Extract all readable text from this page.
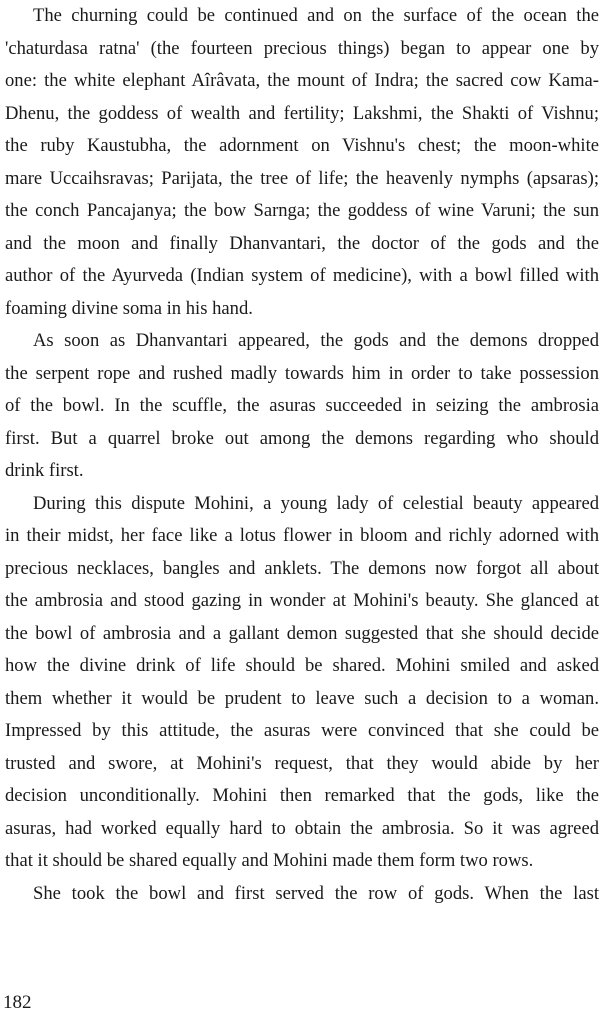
The churning could be continued and on the surface of the ocean the
'chaturdasa ratna' (the fourteen precious things) began to appear one by
one: the white elephant Aîrâvata, the mount of Indra; the sacred cow Kama-
Dhenu, the goddess of wealth and fertility; Lakshmi, the Shakti of Vishnu;
the ruby Kaustubha, the adornment on Vishnu's chest; the moon-white
mare Uccaihsravas; Parijata, the tree of life; the heavenly nymphs (apsaras);
the conch Pancajanya; the bow Sarnga; the goddess of wine Varuni; the sun
and the moon and finally Dhanvantari, the doctor of the gods and the
author of the Ayurveda (Indian system of medicine), with a bowl filled with
foaming divine soma in his hand.
As soon as Dhanvantari appeared, the gods and the demons dropped
the serpent rope and rushed madly towards him in order to take possession
of the bowl. In the scuffle, the asuras succeeded in seizing the ambrosia
first. But a quarrel broke out among the demons regarding who should
drink first.
During this dispute Mohini, a young lady of celestial beauty appeared
in their midst, her face like a lotus flower in bloom and richly adorned with
precious necklaces, bangles and anklets. The demons now forgot all about
the ambrosia and stood gazing in wonder at Mohini's beauty. She glanced at
the bowl of ambrosia and a gallant demon suggested that she should decide
how the divine drink of life should be shared. Mohini smiled and asked
them whether it would be prudent to leave such a decision to a woman.
Impressed by this attitude, the asuras were convinced that she could be
trusted and swore, at Mohini's request, that they would abide by her
decision unconditionally. Mohini then remarked that the gods, like the
asuras, had worked equally hard to obtain the ambrosia. So it was agreed
that it should be shared equally and Mohini made them form two rows.
She took the bowl and first served the row of gods. When the last
182
